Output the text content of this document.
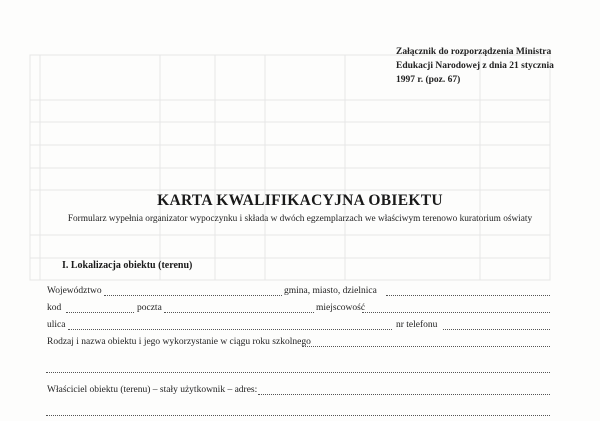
Załącznik do rozporządzenia Ministra
Edukacji Narodowej z dnia 21 stycznia
1997 r. (poz. 67)
KARTA KWALIFIKACYJNA OBIEKTU
Formularz wypełnia organizator wypoczynku i składa w dwóch egzemplarzach we właściwym terenowo kuratorium oświaty
I. Lokalizacja obiektu (terenu)
Województwo	gmina, miasto, dzielnica
kod	poczta	miejscowość
ulica	nr telefonu
Rodzaj i nazwa obiektu i jego wykorzystanie w ciągu roku szkolnego
Właściciel obiektu (terenu) – stały użytkownik – adres:
